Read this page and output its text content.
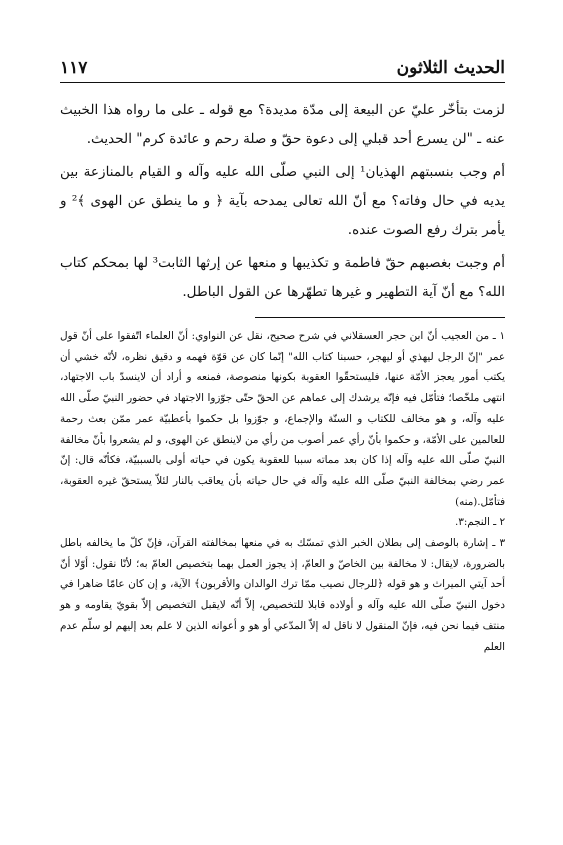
الحديث الثلاثون
١١٧

لزمت بتأخّر عليّ عن البيعة إلى مدّة مديدة؟ مع قوله ـ على ما رواه هذا الخبيث عنه ـ "لن يسرع أحد قبلي إلى دعوة حقّ و صلة رحم و عائدة كرم" الحديث.

أم وجب بنسبتهم الهذيان¹ إلى النبي صلّى الله عليه وآله و القيام بالمنازعة بين يديه في حال وفاته؟ مع أنّ الله تعالى يمدحه بآية ﴿ و ما ينطق عن الهوى ﴾² و يأمر بترك رفع الصوت عنده.

أم وجبت بغصبهم حقّ فاطمة و تكذيبها و منعها عن إرثها الثابت³ لها بمحكم كتاب الله؟ مع أنّ آية التطهير و غيرها تطهّرها عن القول الباطل.

١ ـ من العجيب أنّ ابن حجر العسقلاني في شرح صحيح، نقل عن النواوي: أنّ العلماء اتّفقوا على أنّ قول عمر "إنّ الرجل ليهذي أو ليهجر، حسبنا كتاب الله" إنّما كان عن قوّة فهمه و دقيق نظره، لأنّه خشي أن يكتب أمور يعجز الأمّة عنها، فليستحقّوا العقوبة بكونها منصوصة، فمنعه و أراد أن لاينسدّ باب الاجتهاد، انتهى ملخّصا؛ فتأمّل فيه فإنّه يرشدك إلى عماهم عن الحقّ حتّى جوّزوا الاجتهاد في حضور النبيّ صلّى الله عليه وآله، و هو مخالف للكتاب و السنّة والإجماع، و جوّزوا بل حكموا بأعطبيّة عمر ممّن بعث رحمة للعالمين على الأمّة، و حكموا بأنّ رأي عمر أصوب من رأي من لاينطق عن الهوى، و لم يشعروا بأنّ مخالفة النبيّ صلّى الله عليه وآله إذا كان بعد مماته سببا للعقوبة يكون في حياته أولى بالسببيّة، فكأنّه قال: إنّ عمر رضي بمخالفة النبيّ صلّى الله عليه وآله في حال حياته بأن يعاقب بالنار لئلاّ يستحقّ غيره العقوبة، فتأمّل.(منه)

٢ ـ النجم:٣.

٣ ـ إشارة بالوصف إلى بطلان الخبر الذي تمسّك به في منعها بمخالفته القرآن، فإنّ كلّ ما يخالفه باطل بالضرورة، لايقال: لا مخالفة بين الخاصّ و العامّ، إذ يجوز العمل بهما بتخصيص العامّ به؛ لأنّا نقول: أوّلا أنّ أحد آيتي الميراث و هو قوله ﴿للرجال نصيب ممّا ترك الوالدان والأقربون﴾ الآية، و إن كان عامّا ضاهرا في دخول النبيّ صلّى الله عليه وآله و أولاده قابلا للتخصيص، إلاّ أنّه لايقبل التخصيص إلاّ بقويّ يقاومه و هو منتف فيما نحن فيه، فإنّ المنقول لا ناقل له إلاّ المدّعي أو هو و أعوانه الذين لا علم بعد إليهم لو سلّم عدم العلم
